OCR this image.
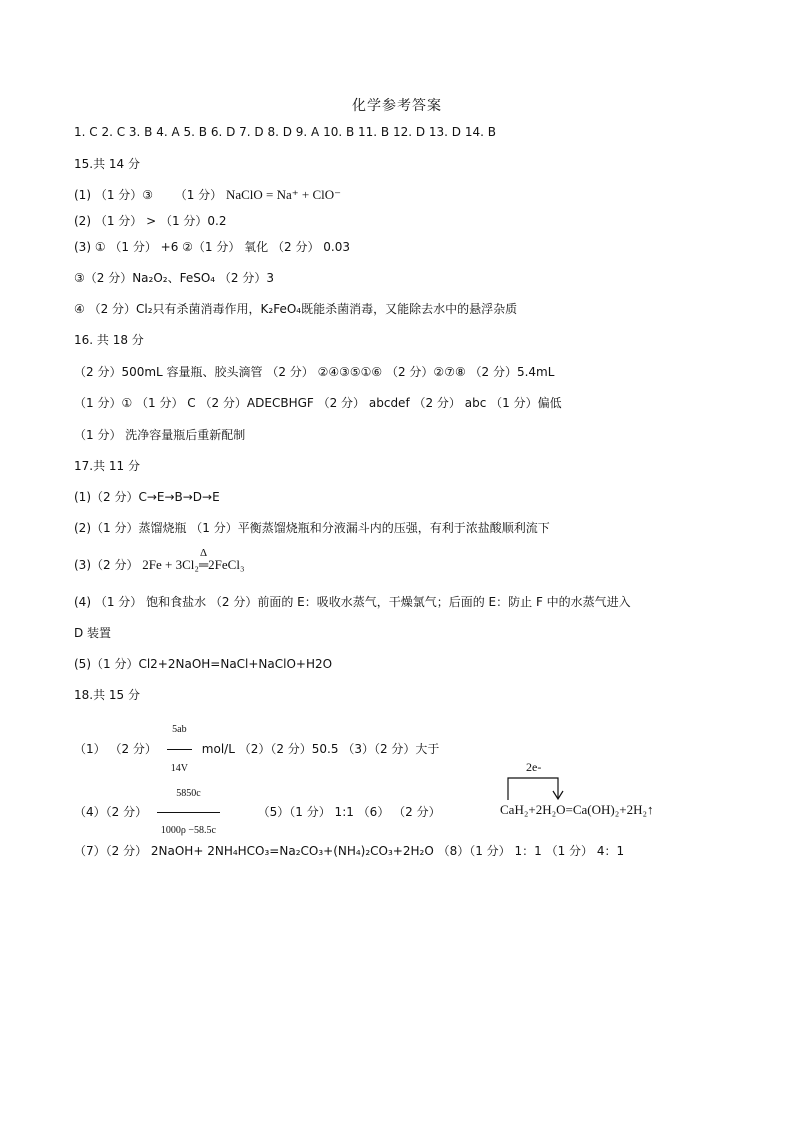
化学参考答案
1. C 2. C 3. B 4. A 5. B 6. D 7. D 8. D 9. A 10. B 11. B 12. D 13. D 14. B
15.共 14 分
(1) （1 分）③ （1 分） NaClO = Na⁺ + ClO⁻
(2) （1 分） > （1 分）0.2
(3) ① （1 分） +6 ②（1 分） 氧化 （2 分） 0.03
③（2 分）Na₂O₂、FeSO₄ （2 分）3
④ （2 分）Cl₂只有杀菌消毒作用，K₂FeO₄既能杀菌消毒，又能除去水中的悬浮杂质
16. 共 18 分
（2 分）500mL 容量瓶、胶头滴管 （2 分） ②④③⑤①⑥ （2 分）②⑦⑧ （2 分）5.4mL
（1 分）① （1 分） C （2 分）ADECBHGF （2 分） abcdef （2 分） abc （1 分）偏低
（1 分） 洗净容量瓶后重新配制
17.共 11 分
(1)（2 分）C→E→B→D→E
(2)（1 分）蒸馏烧瓶 （1 分）平衡蒸馏烧瓶和分液漏斗内的压强，有利于浓盐酸顺利流下
(3)（2 分） 2Fe + 3Cl₂
Δ
═2FeCl₃
(4) （1 分） 饱和食盐水 （2 分）前面的 E：吸收水蒸气，干燥氯气；后面的 E：防止 F 中的水蒸气进入
D 装置
(5)（1 分）Cl2+2NaOH=NaCl+NaClO+H2O
18.共 15 分
（1） （2 分） $\frac{5ab}{14V} mol/L$ （2）（2 分）50.5 （3）（2 分）大于
（4）（2 分） $\frac{5850c}{1000\rho -58.5c}$	（5）（1 分） 1:1 （6） （2 分）
2e-
CaH₂+2H₂O=Ca(OH)₂+2H₂↑
（7）（2 分） 2NaOH+ 2NH₄HCO₃=Na₂CO₃+(NH₄)₂CO₃+2H₂O （8）（1 分） 1：1 （1 分） 4：1
